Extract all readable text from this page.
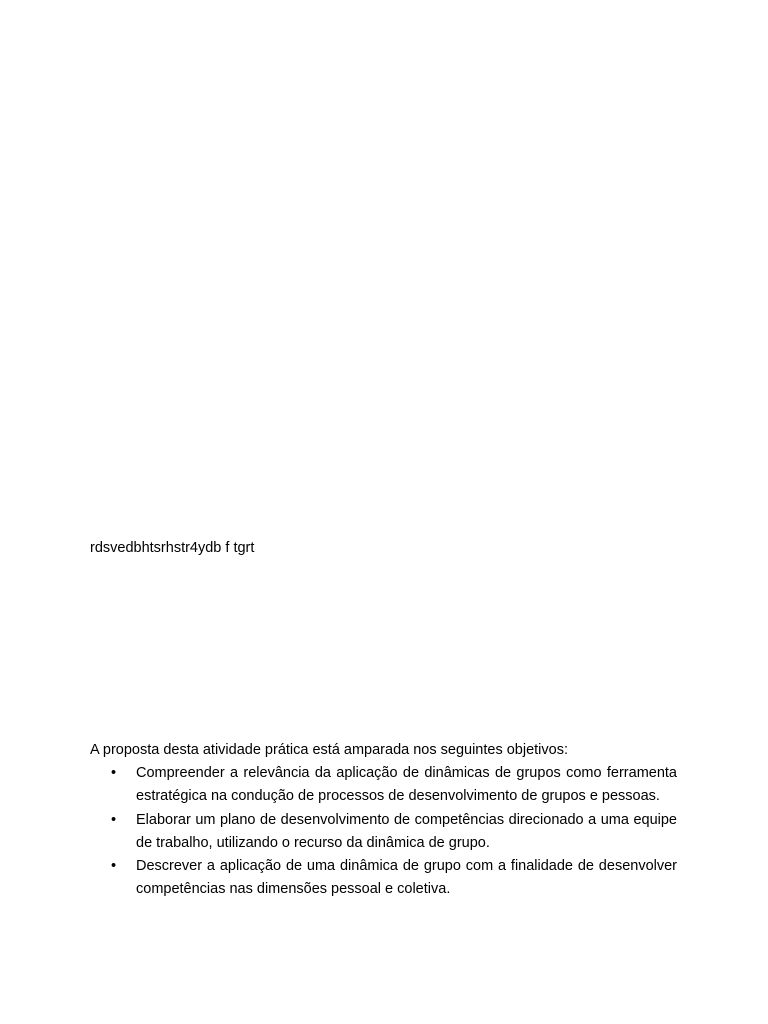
rdsvedbhtsrhstr4ydb f tgrt

A proposta desta atividade prática está amparada nos seguintes objetivos:

• Compreender a relevância da aplicação de dinâmicas de grupos como ferramenta estratégica na condução de processos de desenvolvimento de grupos e pessoas.
• Elaborar um plano de desenvolvimento de competências direcionado a uma equipe de trabalho, utilizando o recurso da dinâmica de grupo.
• Descrever a aplicação de uma dinâmica de grupo com a finalidade de desenvolver competências nas dimensões pessoal e coletiva.
